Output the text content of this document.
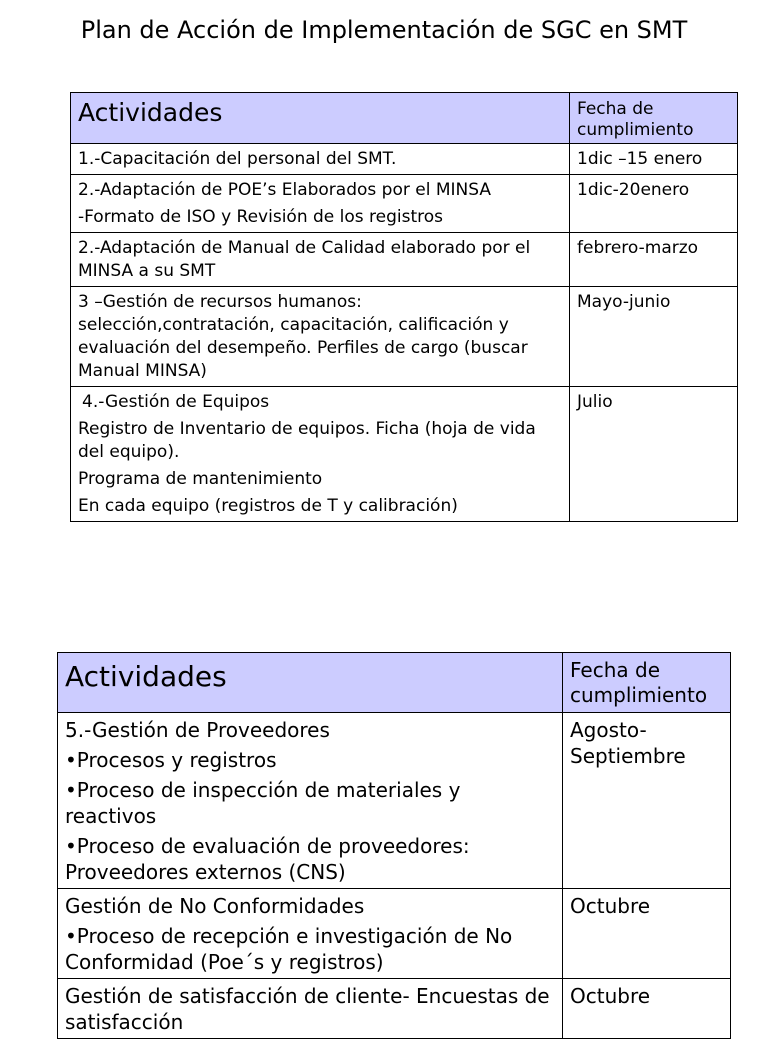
Plan de Acción de Implementación de SGC en SMT
Actividades	Fecha de cumplimiento

1.-Capacitación del personal del SMT.	1dic –15 enero

2.-Adaptación de POE’s Elaborados por el MINSA

-Formato de ISO y Revisión de los registros	1dic-20enero

2.-Adaptación de Manual de Calidad elaborado por el MINSA a su SMT	febrero-marzo

3 –Gestión de recursos humanos: selección,contratación, capacitación, calificación y evaluación del desempeño. Perfiles de cargo (buscar Manual MINSA)	Mayo-junio

4.-Gestión de Equipos

Registro de Inventario de equipos. Ficha (hoja de vida del equipo).

Programa de mantenimiento

En cada equipo (registros de T y calibración)	Julio
Actividades	Fecha de cumplimiento

5.-Gestión de Proveedores

•Procesos y registros

•Proceso de inspección de materiales y reactivos

•Proceso de evaluación de proveedores: Proveedores externos (CNS)	Agosto-Septiembre

Gestión de No Conformidades

•Proceso de recepción e investigación de No Conformidad (Poe´s y registros)	Octubre

Gestión de satisfacción de cliente- Encuestas de satisfacción	Octubre
